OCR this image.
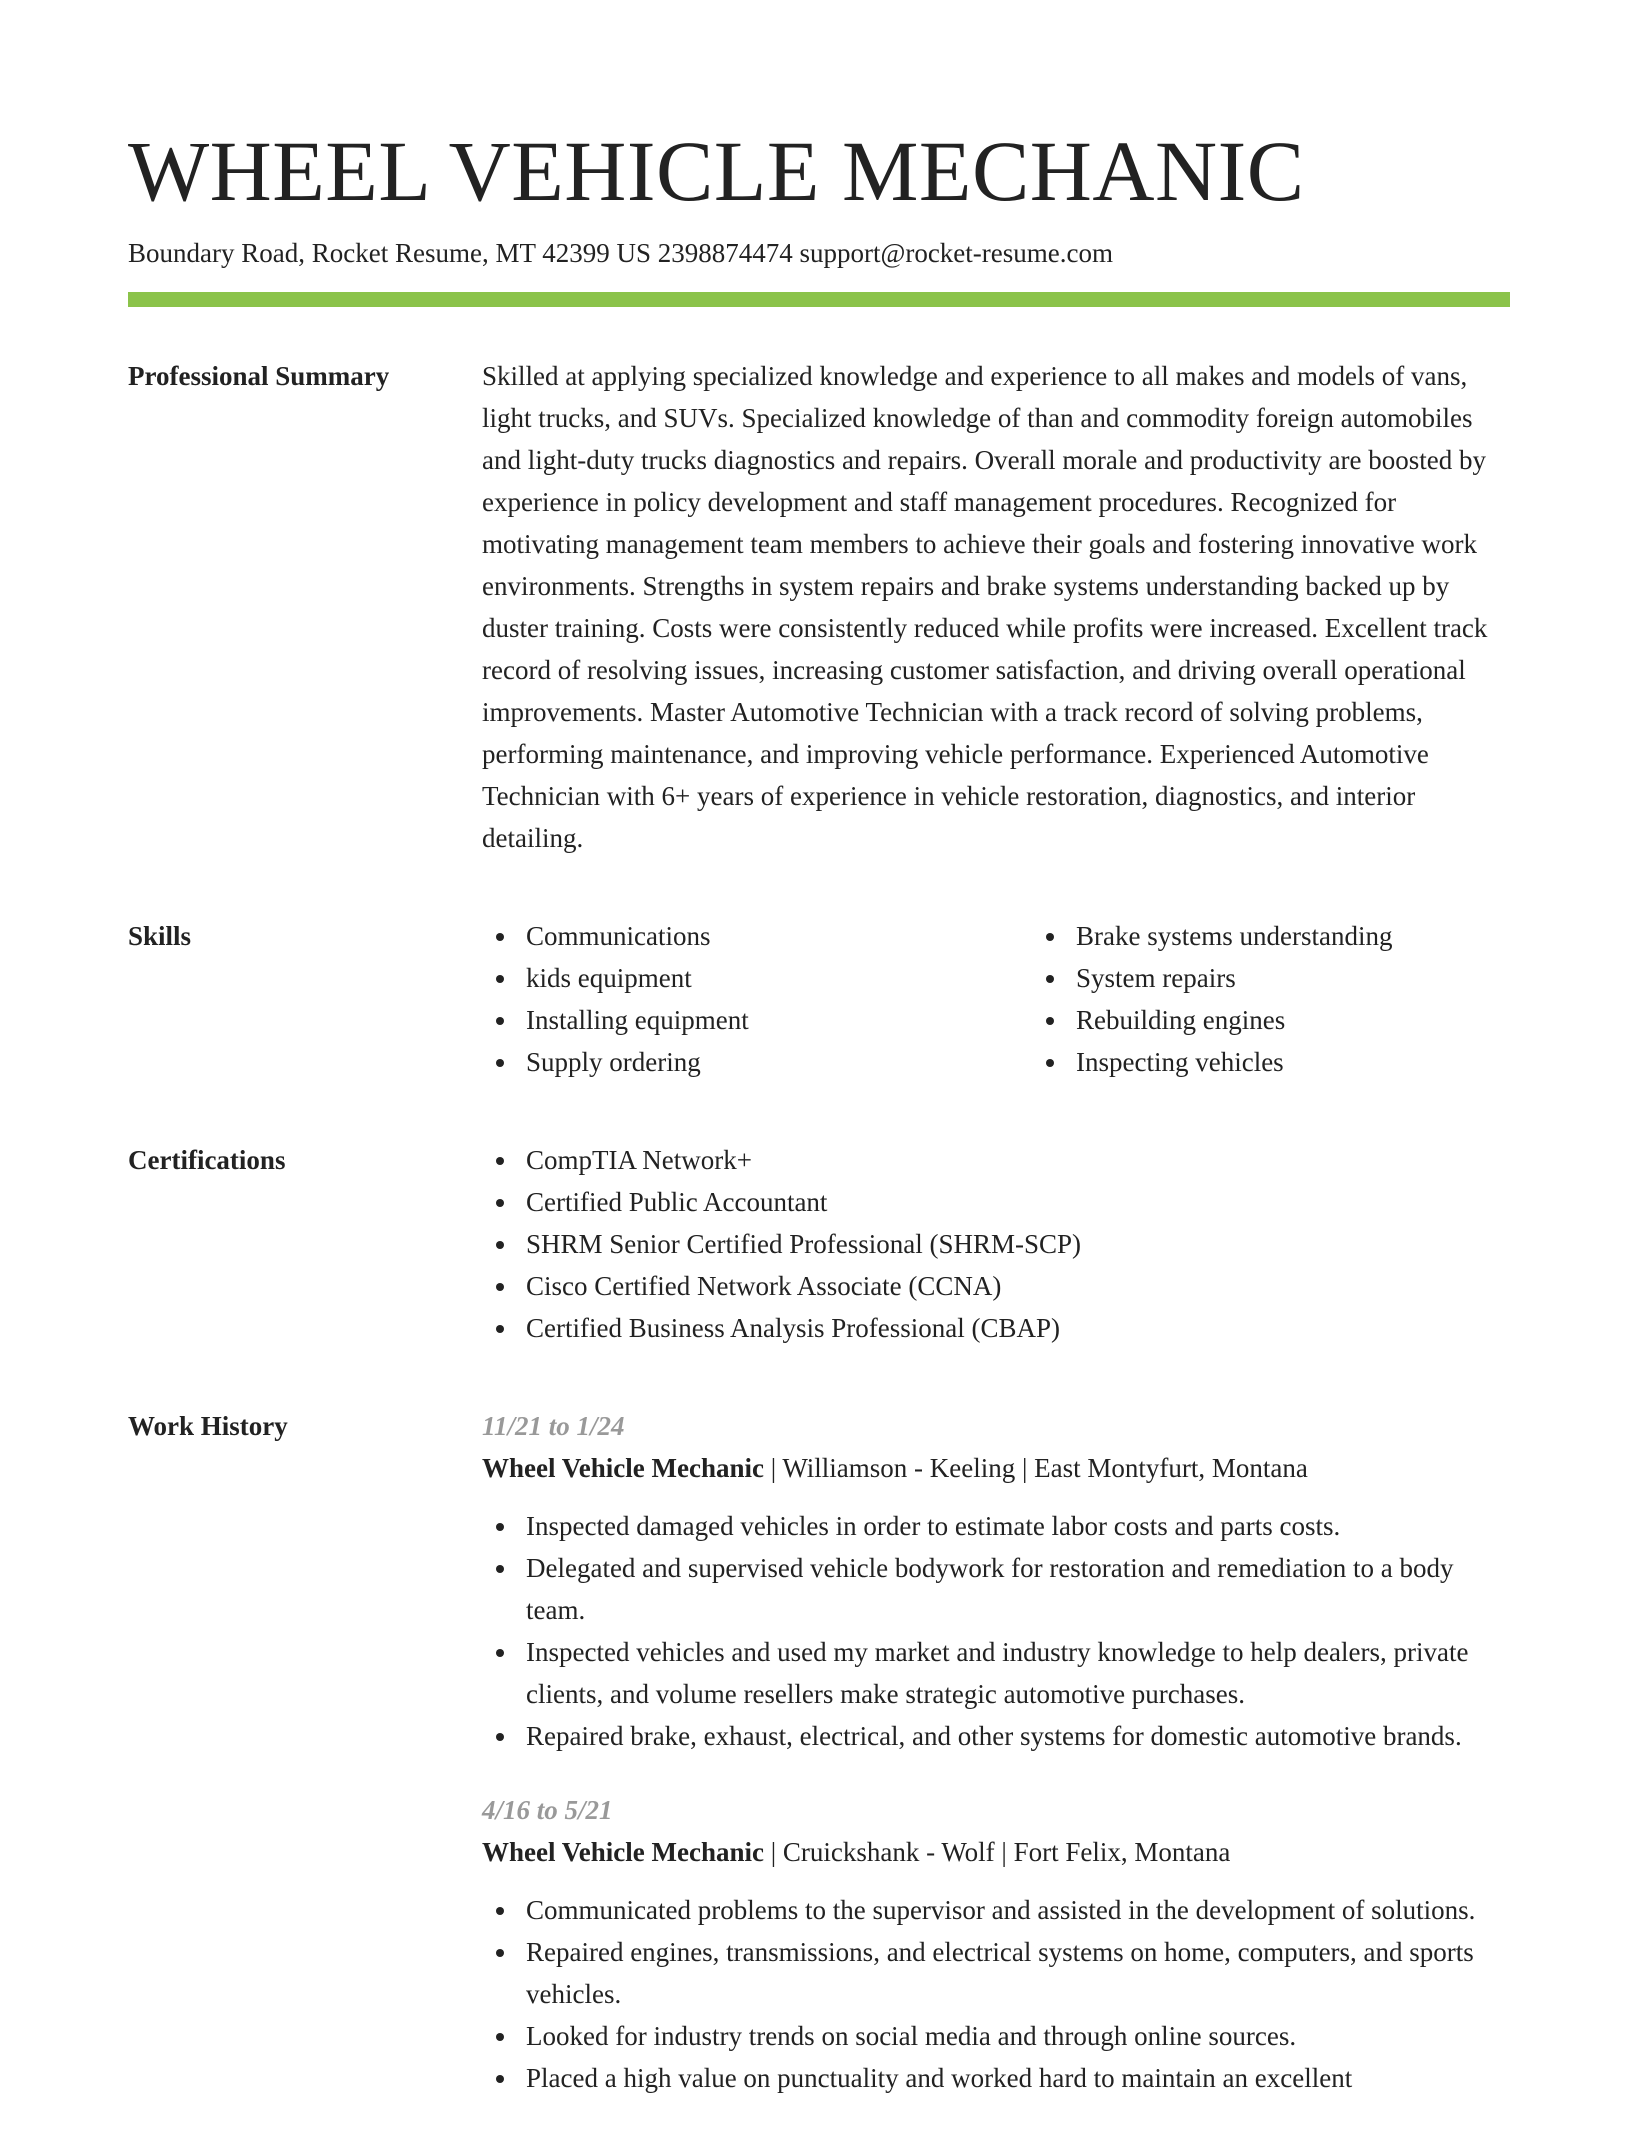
WHEEL VEHICLE MECHANIC
Boundary Road, Rocket Resume, MT 42399 US 2398874474 support@rocket-resume.com
Professional Summary	Skilled at applying specialized knowledge and experience to all makes and models of vans, light trucks, and SUVs. Specialized knowledge of than and commodity foreign automobiles and light-duty trucks diagnostics and repairs. Overall morale and productivity are boosted by experience in policy development and staff management procedures. Recognized for motivating management team members to achieve their goals and fostering innovative work environments. Strengths in system repairs and brake systems understanding backed up by duster training. Costs were consistently reduced while profits were increased. Excellent track record of resolving issues, increasing customer satisfaction, and driving overall operational improvements. Master Automotive Technician with a track record of solving problems, performing maintenance, and improving vehicle performance. Experienced Automotive Technician with 6+ years of experience in vehicle restoration, diagnostics, and interior detailing.

Skills	Communications
kids equipment
Installing equipment
Supply ordering
Brake systems understanding
System repairs
Rebuilding engines
Inspecting vehicles
Certifications	CompTIA Network+
Certified Public Accountant
SHRM Senior Certified Professional (SHRM-SCP)
Cisco Certified Network Associate (CCNA)
Certified Business Analysis Professional (CBAP)
Work History	11/21 to 1/24
Wheel Vehicle Mechanic | Williamson - Keeling | East Montyfurt, Montana
Inspected damaged vehicles in order to estimate labor costs and parts costs.
Delegated and supervised vehicle bodywork for restoration and remediation to a body team.
Inspected vehicles and used my market and industry knowledge to help dealers, private clients, and volume resellers make strategic automotive purchases.
Repaired brake, exhaust, electrical, and other systems for domestic automotive brands.
4/16 to 5/21
Wheel Vehicle Mechanic | Cruickshank - Wolf | Fort Felix, Montana
Communicated problems to the supervisor and assisted in the development of solutions.
Repaired engines, transmissions, and electrical systems on home, computers, and sports vehicles.
Looked for industry trends on social media and through online sources.
Placed a high value on punctuality and worked hard to maintain an excellent
